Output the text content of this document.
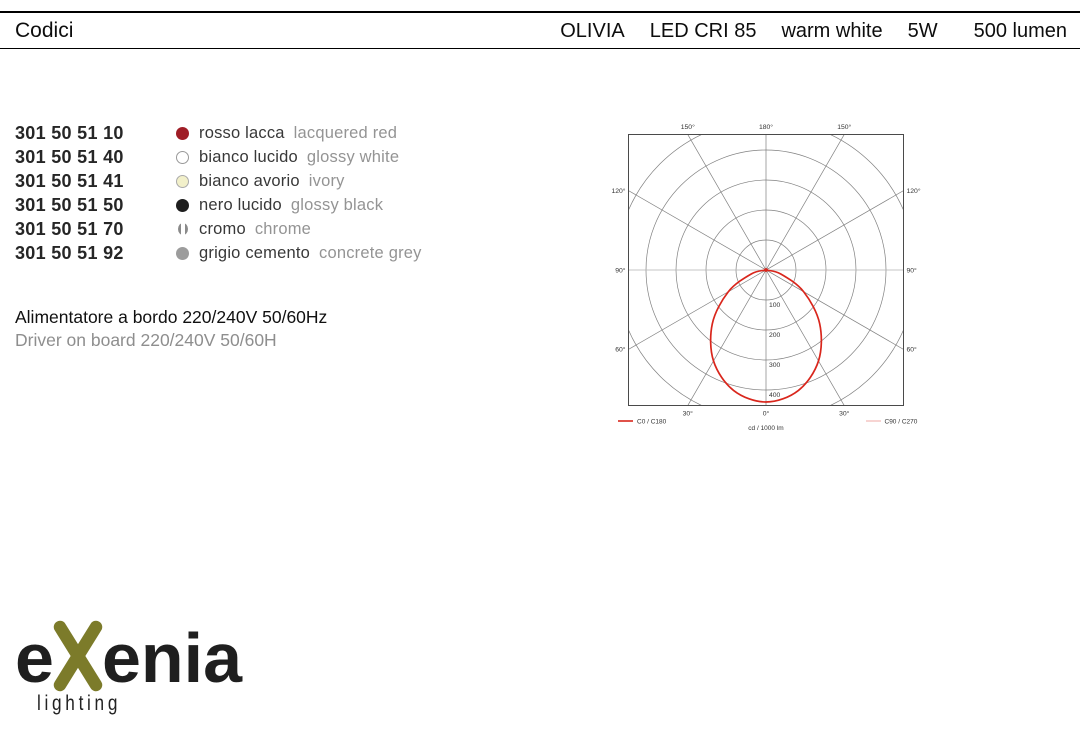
Codici	OLIVIA LED CRI 85 warm white 5W 500 lumen
301 50 51 10	rosso lacca lacquered red
301 50 51 40	bianco lucido glossy white
301 50 51 41	bianco avorio ivory
301 50 51 50	nero lucido glossy black
301 50 51 70	cromo chrome
301 50 51 92	grigio cemento concrete grey
Alimentatore a bordo 220/240V 50/60Hz
Driver on board 220/240V 50/60H
100
200
300
400
150°	180°	150°
30°	0°	30°
120°
90°
60°
120°
90°
60°
C0 / C180	C90 / C270
cd / 1000 lm
e enia
lighting
